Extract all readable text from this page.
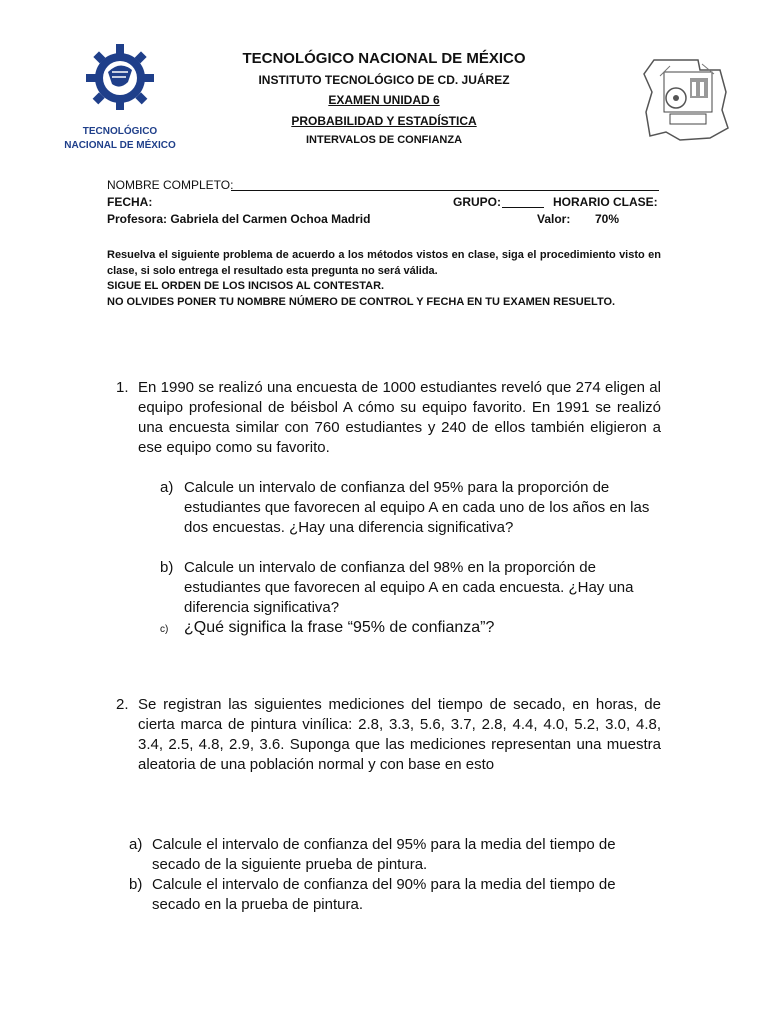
TECNOLÓGICO
NACIONAL DE MÉXICO
TECNOLÓGICO NACIONAL DE MÉXICO
INSTITUTO TECNOLÓGICO DE CD. JUÁREZ
EXAMEN UNIDAD 6
PROBABILIDAD Y ESTADÍSTICA
INTERVALOS DE CONFIANZA
NOMBRE COMPLETO:
FECHA:	GRUPO:	HORARIO CLASE:
Profesora: Gabriela del Carmen Ochoa Madrid	Valor: 70%
Resuelva el siguiente problema de acuerdo a los métodos vistos en clase, siga el procedimiento visto en clase, si solo entrega el resultado esta pregunta no será válida.
SIGUE EL ORDEN DE LOS INCISOS AL CONTESTAR.
NO OLVIDES PONER TU NOMBRE NÚMERO DE CONTROL Y FECHA EN TU EXAMEN RESUELTO.
1. En 1990 se realizó una encuesta de 1000 estudiantes reveló que 274 eligen al equipo profesional de béisbol A cómo su equipo favorito. En 1991 se realizó una encuesta similar con 760 estudiantes y 240 de ellos también eligieron a ese equipo como su favorito.
a) Calcule un intervalo de confianza del 95% para la proporción de estudiantes que favorecen al equipo A en cada uno de los años en las dos encuestas. ¿Hay una diferencia significativa?
b) Calcule un intervalo de confianza del 98% en la proporción de estudiantes que favorecen al equipo A en cada encuesta. ¿Hay una diferencia significativa?
c) ¿Qué significa la frase “95% de confianza”?
2. Se registran las siguientes mediciones del tiempo de secado, en horas, de cierta marca de pintura vinílica: 2.8, 3.3, 5.6, 3.7, 2.8, 4.4, 4.0, 5.2, 3.0, 4.8, 3.4, 2.5, 4.8, 2.9, 3.6. Suponga que las mediciones representan una muestra aleatoria de una población normal y con base en esto
a) Calcule el intervalo de confianza del 95% para la media del tiempo de secado de la siguiente prueba de pintura.
b) Calcule el intervalo de confianza del 90% para la media del tiempo de secado en la prueba de pintura.
